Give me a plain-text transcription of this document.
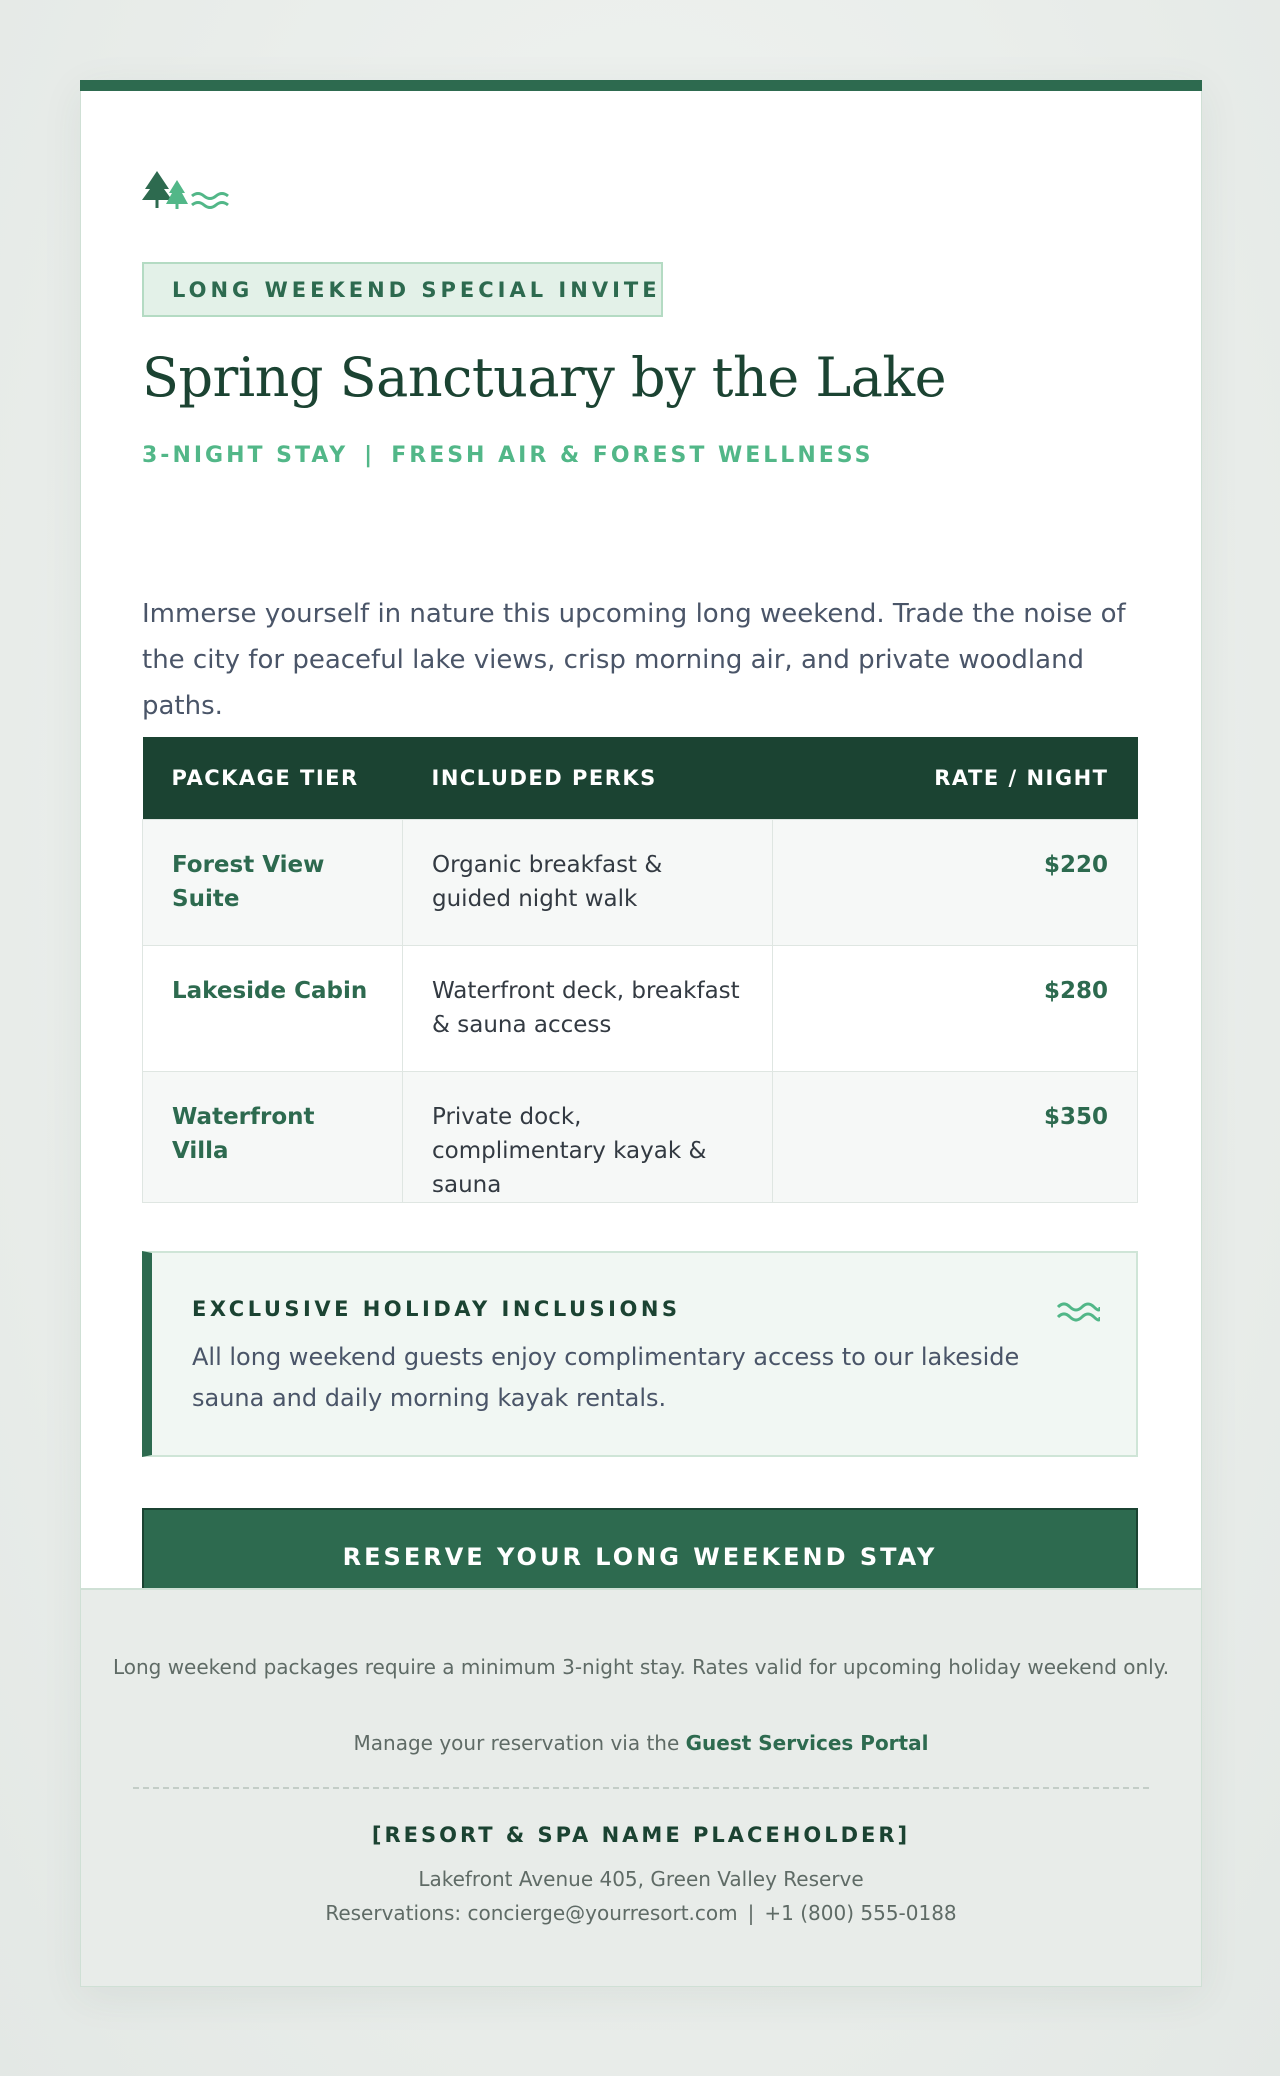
LONG WEEKEND SPECIAL INVITE
Spring Sanctuary by the Lake
3-NIGHT STAY | FRESH AIR & FOREST WELLNESS

Immerse yourself in nature this upcoming long weekend. Trade the noise of the city for peaceful lake views, crisp morning air, and private woodland paths.

PACKAGE TIER	INCLUDED PERKS	RATE / NIGHT
Forest View Suite	Organic breakfast & guided night walk	$220
Lakeside Cabin	Waterfront deck, breakfast & sauna access	$280
Waterfront Villa	Private dock, complimentary kayak & sauna	$350
EXCLUSIVE HOLIDAY INCLUSIONS
All long weekend guests enjoy complimentary access to our lakeside sauna and daily morning kayak rentals.
RESERVE YOUR LONG WEEKEND STAY
Long weekend packages require a minimum 3-night stay. Rates valid for upcoming holiday weekend only.
Manage your reservation via the Guest Services Portal
[RESORT & SPA NAME PLACEHOLDER]
Lakefront Avenue 405, Green Valley Reserve
Reservations: concierge@yourresort.com | +1 (800) 555-0188
